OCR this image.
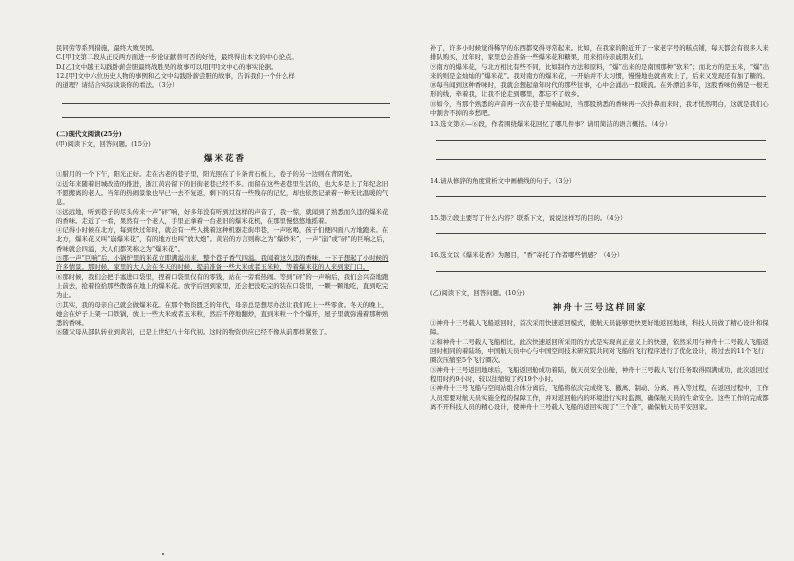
民同劳等系列措施，最终大败吴国。

C.[甲]文第二段从正反两方面进一步论证献替可否的好处，最终得出本文的中心论点。

D.[乙]文中越王勾践卧薪尝胆最终战胜吴的故事可以用[甲]文中心的事实论据。

12.[甲]文中六位历史人物的事例和乙文中勾践卧薪尝胆的故事，告诉我们一个什么样

的道理？请结合实际谈谈你的看法。（3分）

(二)现代文阅读(25分)

(甲)阅读下文，回答问题。(15分)

爆米花香

①腊月的一个下午，阳光正好。走在古老的巷子里，阳光照在了卡条青石板上，卷子的另一边则在背阴处。

②近年来随着旧城改造的推进，浙江黄岩留下的旧街老巷已经不多。而留在这些老巷里生活的，也大多是上了年纪念旧不愿搬离的老人。当年的热闹景象也早已一去不复返，剩下的只有一些残存的记忆，却也依然记录着一种无比温暖的气息。

③远远地，听到巷子的尽头传来一声“砰”响，好多年没有听到过这样的声音了，我一惊，就闻到了熟悉而久违的爆米花的香味。走近了一看，果然有一个老人，手里正拿着一台老旧的爆米花机，在那里慢悠悠地摇着。

④记得小时候在北方，每到快过年时，就会有一些人挑着这种机器走街串巷，一声吆喝，孩子们便四面八方地跑来。在北方，爆米花又叫“崩爆米花”，有的地方也叫“放大炮”。黄岩的方言则称之为“爆炒米”，一声“崩”或“砰”的巨响之后，香味就会四溢，大人们都笑称之为“爆米花”。

⑤那一声“巨响”后，小锅炉里的米花立即满溢出来，整个巷子香气四溢。我闻着这久违的香味，一下子想起了小时候的许多情景。那时候，家里的大人会在冬天的时候，提前准备一些大米或者玉米粒，等着爆米花的人来到家门口。

⑥那时候，我们会把手塞进口袋里，捏着口袋里仅有的零钱，站在一旁看热闹。等到“砰”的一声响后，我们会兴奋地跑上前去，抢着捡拾那些散落在地上的爆米花。放学后回到家里，还会把没吃完的装在口袋里，一颗一颗地吃，直到吃完为止。

⑦其实，我的母亲自己就会做爆米花。在那个物资匮乏的年代，母亲总是想尽办法让我们吃上一些零食。冬天的晚上，她会在炉子上架一口铁锅，放上一些大米或者玉米粒，然后不停地翻炒，直到米粒一个个爆开，屋子里就弥漫着那种熟悉的香味。

⑧随父母从部队转业到黄岩，已是上世纪八十年代初。这时的物资供应已经不像从前那样紧张了。

补了，许多小时候觉得稀罕的东西都变得寻常起来。比如，在我家的附近开了一家老字号的糕点铺，每天都会有很多人来排队购买，过年时，家里总会准备一些爆米花和糖果，用来招待亲戚朋友们。

⑨南方的爆米花，与北方相比有些不同，比如制作方法和原料，“爆”出来的是南国那种“软米”；而北方的是玉米，“爆”出来的则是金灿灿的“爆米花”。我对南方的爆米花，一开始并不太习惯，慢慢地也就喜欢上了，后来又发现还有加了糖的。

⑩每当闻到这种香味时，我就会想起童年时代的那些往事，心中会涌出一股暖流。在外漂泊多年，这股香味仿佛是一根无形的线，牵着我，让我不论走到哪里，都忘不了故乡。

⑪如今，当那个熟悉的声音再一次在巷子里响起时，当那股熟悉的香味再一次扑鼻而来时，我才恍然明白，这就是我们心中割舍不掉的乡愁吧。

13.选文第④—⑥段，作者围绕爆米花回忆了哪几件事？请用简洁的语言概括。（4分）

14.请从修辞的角度赏析文中画横线的句子。（3分）

15.第⑦段主要写了什么内容？联系下文，说说这样写的目的。（4分）

16.选文以《爆米花香》为题目，“香”寄托了作者哪些情感？（4分）

(乙)阅读下文，回答问题。(10分)

神舟十三号这样回家

①神舟十三号载人飞船返回时，首次采用快速返回模式，使航天员能够更快更好地返回地球，科技人员做了精心设计和保障。

②和神舟十二号载人飞船相比，此次快速返回所采用的方式是实现真正意义上的快速，依然采用与神舟十二号载人飞船返回时相同的着陆场，中国航天员中心与中国空间技术研究院共同对飞船的飞行程序进行了优化设计，将过去的11个飞行圈次压缩至5个飞行圈次。

③神舟十三号返回地球后，飞船返回舱成功着陆，航天员安全出舱，神舟十三号载人飞行任务取得圆满成功，此次返回过程用时约9小时，较以往缩短了约19个小时。

④神舟十三号飞船与空间站组合体分离后，飞船将依次完成绕飞、撤离、制动、分离、再入等过程，在返回过程中，工作人员需要对航天员实施全程的保障工作，并对返回舱内的环境进行实时监测，确保航天员的生命安全。这些工作的完成都离不开科技人员的精心设计，使神舟十三号载人飞船的返回实现了“三个准”，确保航天员平安回家。
